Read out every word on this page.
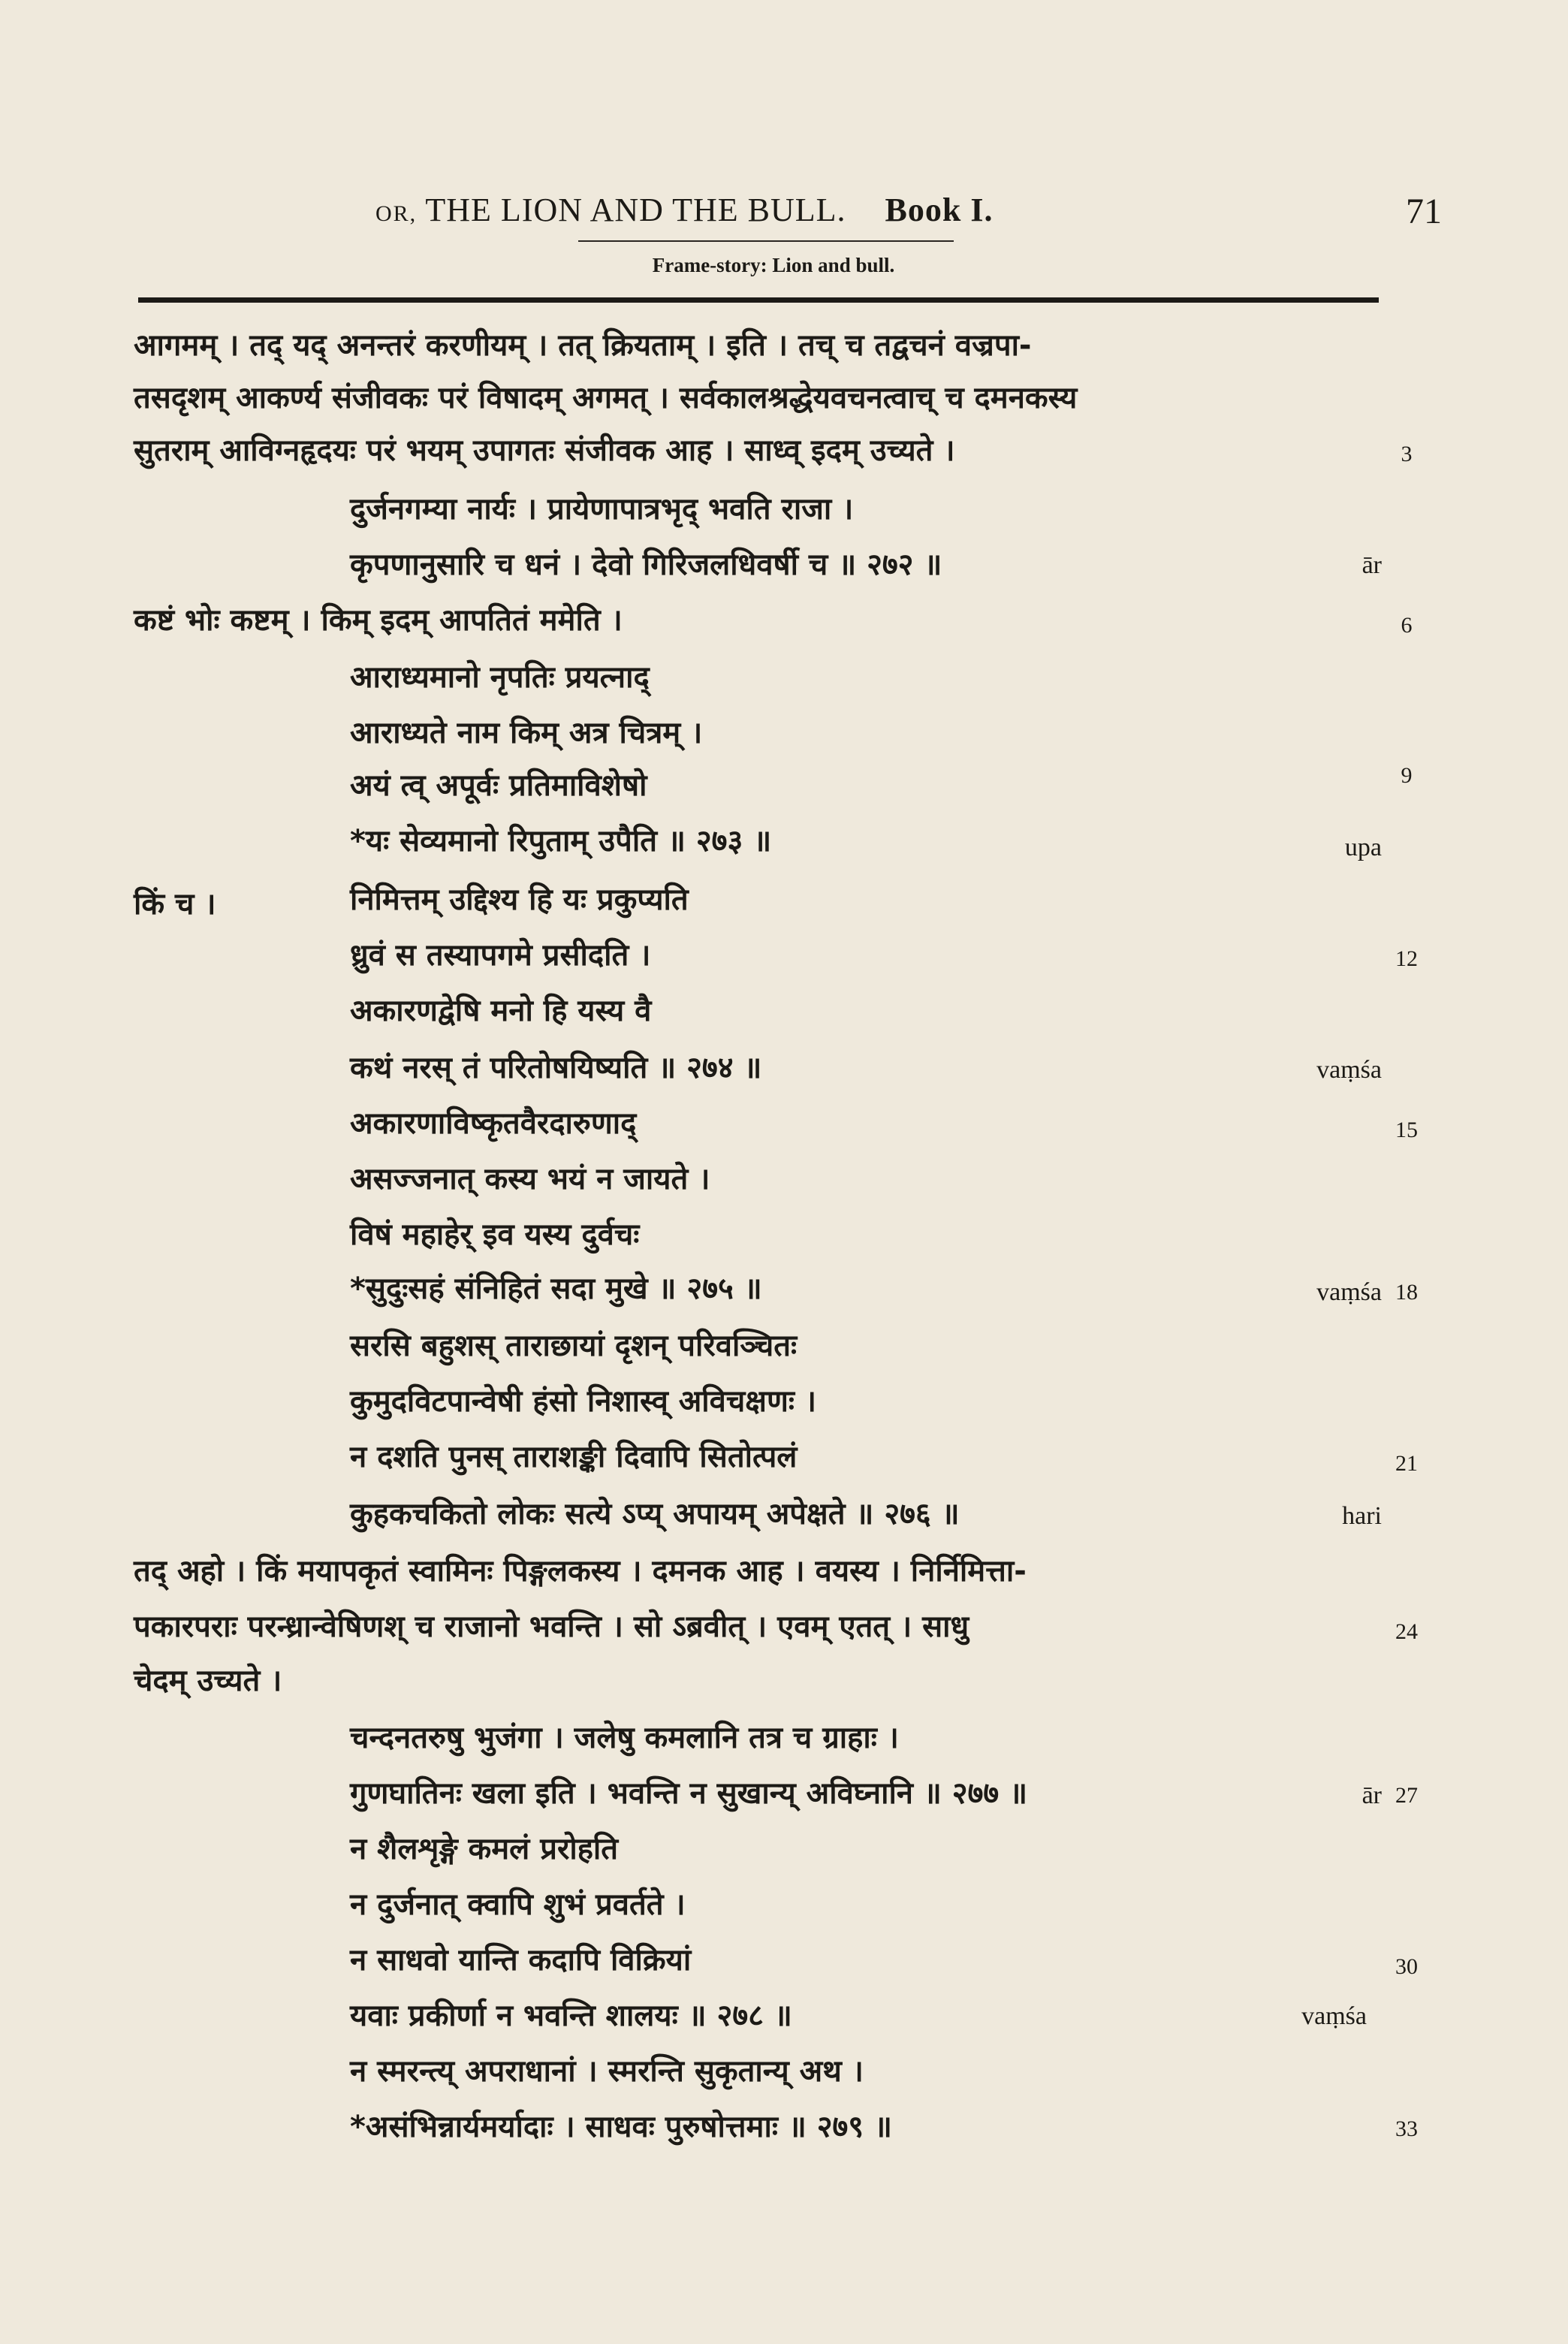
OR, THE LION AND THE BULL. Book I.	71
Frame-story: Lion and bull.
आगमम् । तद् यद् अनन्तरं करणीयम् । तत् क्रियताम् । इति । तच् च तद्वचनं वज्रपा-
तसदृशम् आकर्ण्य संजीवकः परं विषादम् अगमत् । सर्वकालश्रद्धेयवचनत्वाच् च दमनकस्य
सुतराम् आविग्नहृदयः परं भयम् उपागतः संजीवक आह । साध्व् इदम् उच्यते ।	3
दुर्जनगम्या नार्यः । प्रायेणापात्रभृद् भवति राजा ।
कृपणानुसारि च धनं । देवो गिरिजलधिवर्षी च ॥ २७२ ॥	ār
कष्टं भोः कष्टम् । किम् इदम् आपतितं ममेति ।	6
आराध्यमानो नृपतिः प्रयत्नाद्
आराध्यते नाम किम् अत्र चित्रम् ।
अयं त्व् अपूर्वः प्रतिमाविशेषो	9
*यः सेव्यमानो रिपुताम् उपैति ॥ २७३ ॥	upa
किं च ।	निमित्तम् उद्दिश्य हि यः प्रकुप्यति
ध्रुवं स तस्यापगमे प्रसीदति ।	12
अकारणद्वेषि मनो हि यस्य वै
कथं नरस् तं परितोषयिष्यति ॥ २७४ ॥	vaṃśa
अकारणाविष्कृतवैरदारुणाद्	15
असज्जनात् कस्य भयं न जायते ।
विषं महाहेर् इव यस्य दुर्वचः
*सुदुःसहं संनिहितं सदा मुखे ॥ २७५ ॥	vaṃśa 18
सरसि बहुशस् ताराछायां दृशन् परिवञ्चितः
कुमुदविटपान्वेषी हंसो निशास्व् अविचक्षणः ।
न दशति पुनस् ताराशङ्की दिवापि सितोत्पलं	21
कुहकचकितो लोकः सत्ये ऽप्य् अपायम् अपेक्षते ॥ २७६ ॥	hari
तद् अहो । किं मयापकृतं स्वामिनः पिङ्गलकस्य । दमनक आह । वयस्य । निर्निमित्ता-
पकारपराः परन्ध्रान्वेषिणश् च राजानो भवन्ति । सो ऽब्रवीत् । एवम् एतत् । साधु	24
चेदम् उच्यते ।
चन्दनतरुषु भुजंगा । जलेषु कमलानि तत्र च ग्राहाः ।
गुणघातिनः खला इति । भवन्ति न सुखान्य् अविघ्नानि ॥ २७७ ॥	ār 27
न शैलशृङ्गे कमलं प्ररोहति
न दुर्जनात् क्वापि शुभं प्रवर्तते ।
न साधवो यान्ति कदापि विक्रियां	30
यवाः प्रकीर्णा न भवन्ति शालयः ॥ २७८ ॥	vaṃśa
न स्मरन्त्य् अपराधानां । स्मरन्ति सुकृतान्य् अथ ।
*असंभिन्नार्यमर्यादाः । साधवः पुरुषोत्तमाः ॥ २७९ ॥	33
